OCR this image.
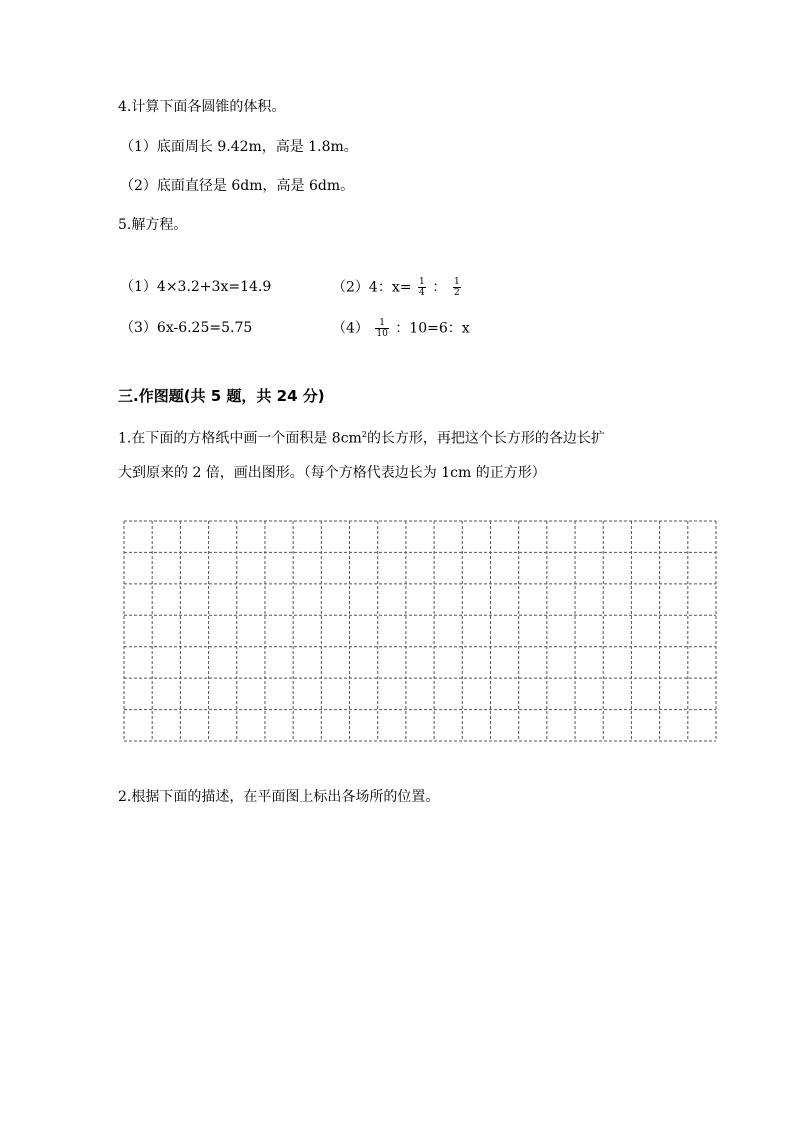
4.计算下面各圆锥的体积。
（1）底面周长 9.42m，高是 1.8m。
（2）底面直径是 6dm，高是 6dm。
5.解方程。
（1）4×3.2+3x=14.9	（2）4：$x= \frac{1}{4}$ ： $\frac{1}{2}$
（3）6x-6.25=5.75	$(4) \frac{1}{10}$ ：10=6：x
三.作图题(共 5 题，共 24 分)
1.在下面的方格纸中画一个面积是 $8cm^2$的长方形，再把这个长方形的各边长扩
大到原来的 2 倍，画出图形。（每个方格代表边长为 1cm 的正方形）
2.根据下面的描述，在平面图上标出各场所的位置。
